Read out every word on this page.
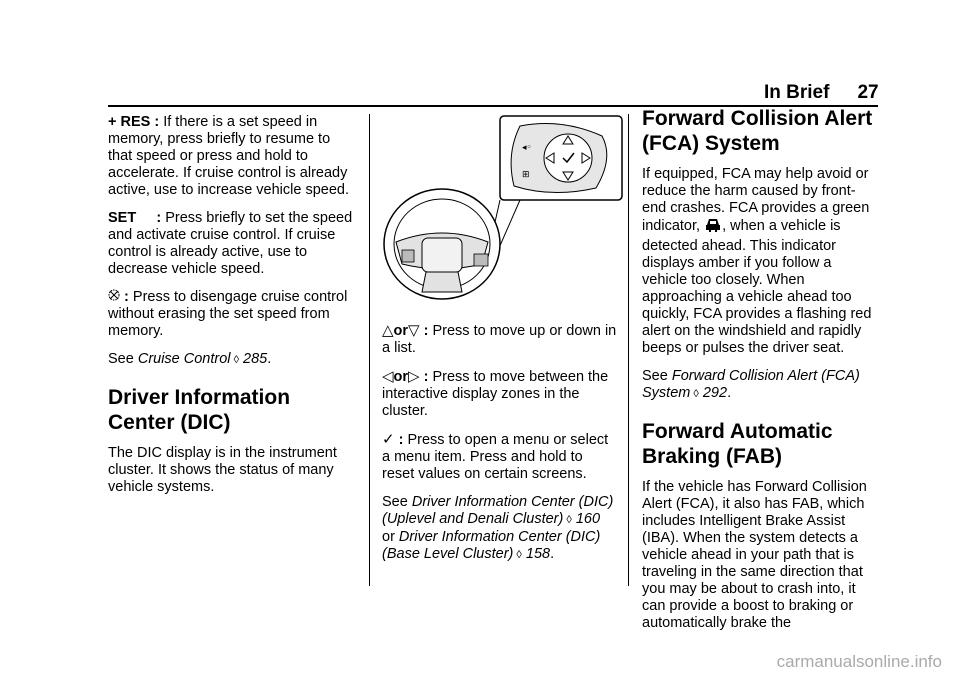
In Brief 27

+ RES : If there is a set speed in memory, press briefly to resume to that speed or press and hold to accelerate. If cruise control is already active, use to increase vehicle speed.

SET     : Press briefly to set the speed and activate cruise control. If cruise control is already active, use to decrease vehicle speed.

: Press to disengage cruise control without erasing the set speed from memory.

See Cruise Control ◊ 285.

Driver Information Center (DIC)

The DIC display is in the instrument cluster. It shows the status of many vehicle systems.

◂◦
⊞

△or▽ : Press to move up or down in a list.

◁or▷ : Press to move between the interactive display zones in the cluster.

✓ : Press to open a menu or select a menu item. Press and hold to reset values on certain screens.

See Driver Information Center (DIC) (Uplevel and Denali Cluster) ◊ 160
or Driver Information Center (DIC) (Base Level Cluster) ◊ 158.

Forward Collision Alert (FCA) System

If equipped, FCA may help avoid or reduce the harm caused by front-end crashes. FCA provides a green indicator, , when a vehicle is detected ahead. This indicator displays amber if you follow a vehicle too closely. When approaching a vehicle ahead too quickly, FCA provides a flashing red alert on the windshield and rapidly beeps or pulses the driver seat.

See Forward Collision Alert (FCA) System ◊ 292.

Forward Automatic Braking (FAB)

If the vehicle has Forward Collision Alert (FCA), it also has FAB, which includes Intelligent Brake Assist (IBA). When the system detects a vehicle ahead in your path that is traveling in the same direction that you may be about to crash into, it can provide a boost to braking or automatically brake the

carmanualsonline.info
